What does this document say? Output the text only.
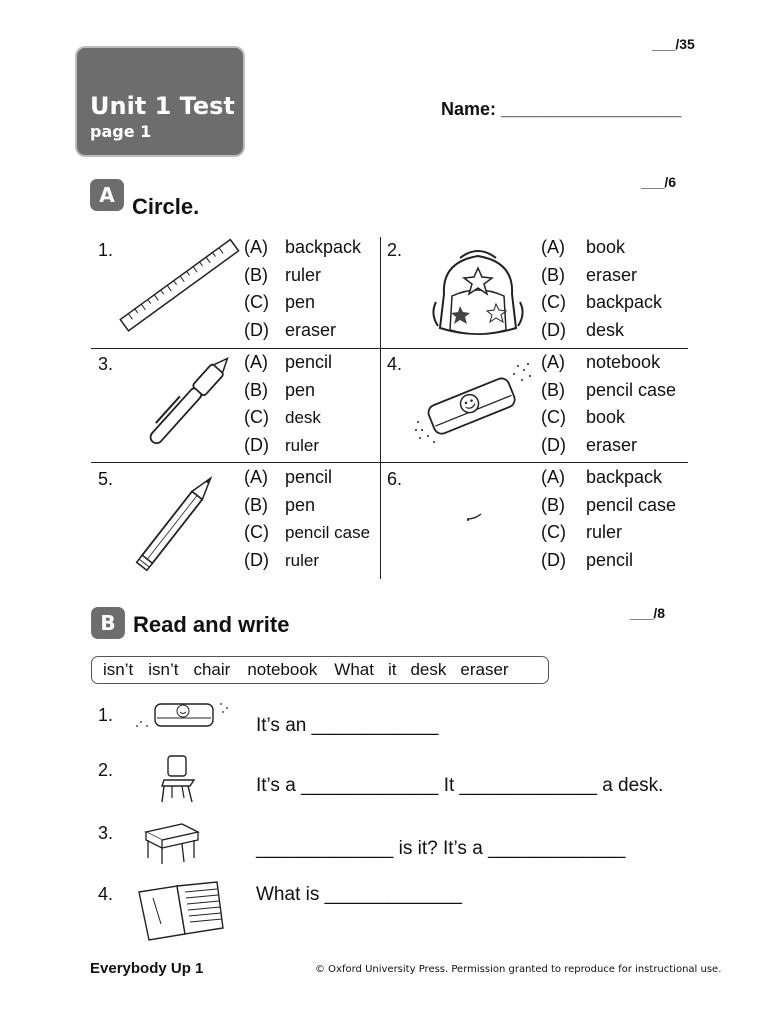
___/35
Unit 1 Test
page 1
Name: __________________
A Circle.
___/6
1.	(A) backpack
(B) ruler
(C) pen
(D) eraser
2.	(A)	book
(B)	eraser
(C)	backpack
(D)	desk
3.	(A) pencil
(B) pen
(C) desk
(D) ruler
4.	(A)	notebook
(B)	pencil case
(C)	book
(D)	eraser
5.	(A) pencil
(B) pen
(C) pencil case
(D) ruler
6.	(A)	backpack
(B)	pencil case
(C)	ruler
(D)	pencil
B Read and write	___/8
isn’t isn’t chair notebook What it desk eraser
1.	It’s an ____________
2.
It’s a _____________ It _____________ a desk.
3.
_____________ is it? It’s a _____________
4.	What is _____________
Everybody Up 1	© Oxford University Press. Permission granted to reproduce for instructional use.
